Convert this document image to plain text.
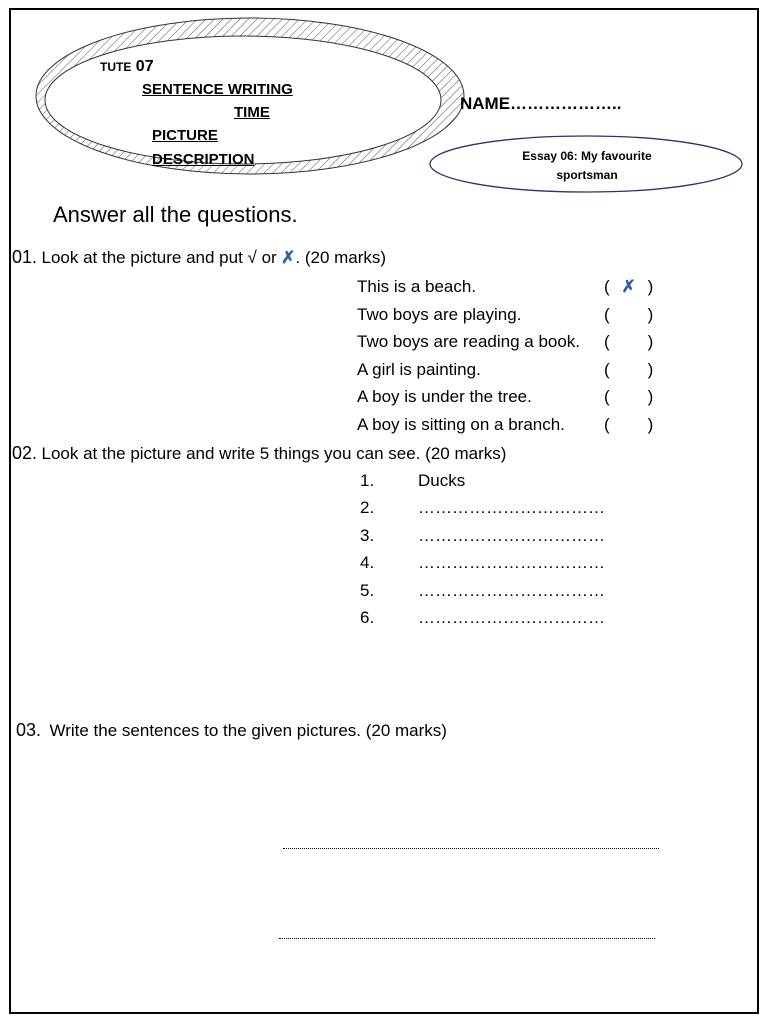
TUTE 07
SENTENCE WRITING
TIME
PICTURE
DESCRIPTION
NAME………………..
Essay 06: My favourite
sportsman
Answer all the questions.
01. Look at the picture and put √ or ✗. (20 marks)
This is a beach.	( ✗ )
Two boys are playing.	( )
Two boys are reading a book. ( )
A girl is painting.	( )
A boy is under the tree.	( )
A boy is sitting on a branch. ( )
02. Look at the picture and write 5 things you can see. (20 marks)
1.	Ducks
2.	……………………………
3.	……………………………
4.	……………………………
5.	……………………………
6.	……………………………
03. Write the sentences to the given pictures. (20 marks)
